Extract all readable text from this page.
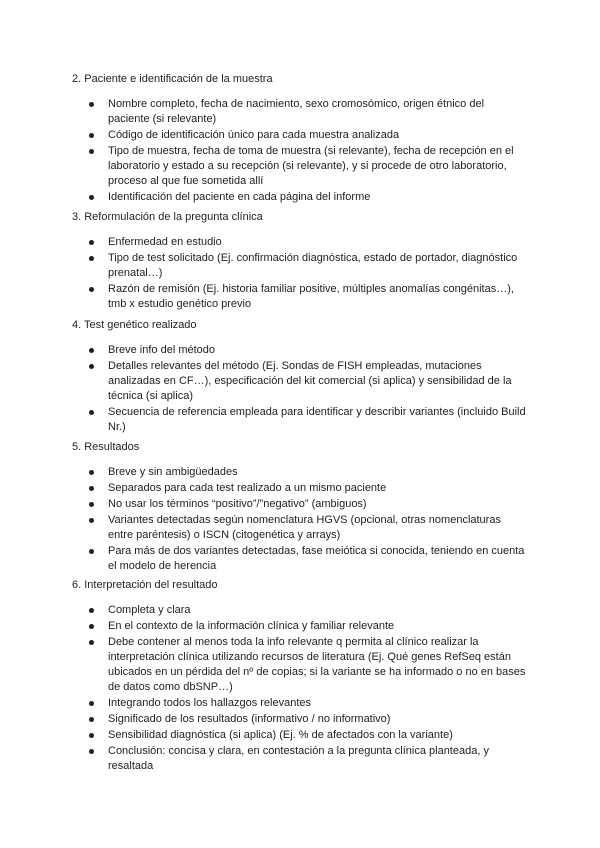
2. Paciente e identificación de la muestra

Nombre completo, fecha de nacimiento, sexo cromosómico, origen étnico del paciente (si relevante)
Código de identificación único para cada muestra analizada
Tipo de muestra, fecha de toma de muestra (si relevante), fecha de recepción en el laboratorio y estado a su recepción (si relevante), y si procede de otro laboratorio, proceso al que fue sometida allí
Identificación del paciente en cada página del informe

3. Reformulación de la pregunta clínica

Enfermedad en estudio
Tipo de test solicitado (Ej. confirmación diagnóstica, estado de portador, diagnóstico prenatal…)
Razón de remisión (Ej. historia familiar positive, múltiples anomalías congénitas…), tmb x estudio genético previo

4. Test genético realizado

Breve info del método
Detalles relevantes del método (Ej. Sondas de FISH empleadas, mutaciones analizadas en CF…), especificación del kit comercial (si aplica) y sensibilidad de la técnica (si aplica)
Secuencia de referencia empleada para identificar y describir variantes (incluido Build Nr.)

5. Resultados

Breve y sin ambigüedades
Separados para cada test realizado a un mismo paciente
No usar los términos “positivo”/”negativo” (ambiguos)
Variantes detectadas según nomenclatura HGVS (opcional, otras nomenclaturas entre paréntesis) o ISCN (citogenética y arrays)
Para más de dos variantes detectadas, fase meiótica si conocida, teniendo en cuenta el modelo de herencia

6. Interpretación del resultado

Completa y clara
En el contexto de la información clínica y familiar relevante
Debe contener al menos toda la info relevante q permita al clínico realizar la interpretación clínica utilizando recursos de literatura (Ej. Qué genes RefSeq están ubicados en un pérdida del nº de copias; si la variante se ha informado o no en bases de datos como dbSNP…)
Integrando todos los hallazgos relevantes
Significado de los resultados (informativo / no informativo)
Sensibilidad diagnóstica (si aplica) (Ej. % de afectados con la variante)
Conclusión: concisa y clara, en contestación a la pregunta clínica planteada, y resaltada
